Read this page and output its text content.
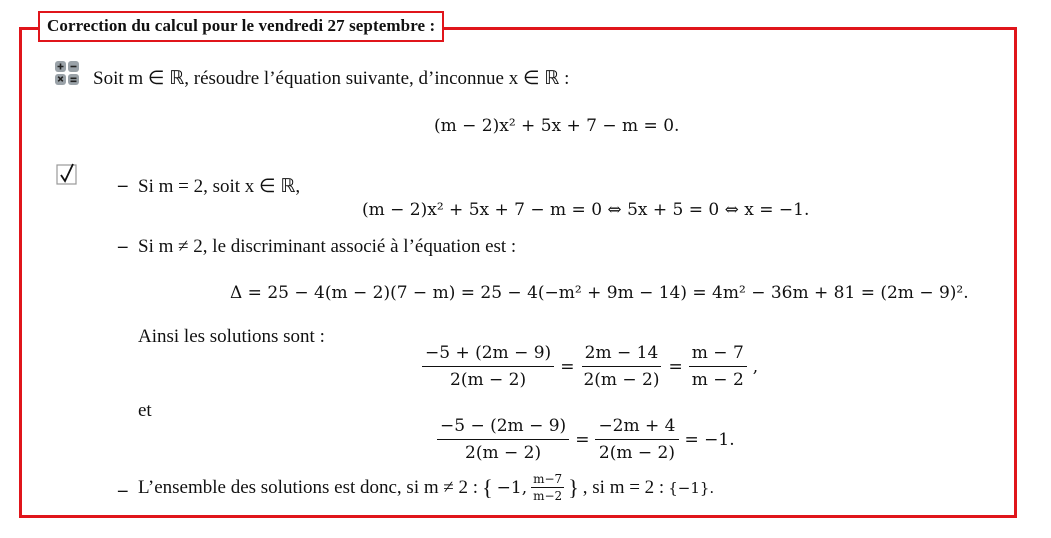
Correction du calcul pour le vendredi 27 septembre :
Soit m ∈ ℝ, résoudre l’équation suivante, d’inconnue x ∈ ℝ :
(m − 2)x² + 5x + 7 − m = 0.
– Si m = 2, soit x ∈ ℝ,
(m − 2)x² + 5x + 7 − m = 0 ⇔ 5x + 5 = 0 ⇔ x = −1.
– Si m ≠ 2, le discriminant associé à l’équation est :
Δ = 25 − 4(m − 2)(7 − m) = 25 − 4(−m² + 9m − 14) = 4m² − 36m + 81 = (2m − 9)².
Ainsi les solutions sont :
$\frac{-5 + (2m - 9)}{2(m - 2)} = \frac{2m - 14}{2(m - 2)} = \frac{m - 7}{m - 2}$ ,
et
$\frac{-5 - (2m - 9)}{2(m - 2)} = \frac{-2m + 4}{2(m - 2)} = -1$.
– L’ensemble des solutions est donc, si m ≠ 2 : { −1, $\frac{m-7}{m-2}$ } , si m = 2 : {−1}.
